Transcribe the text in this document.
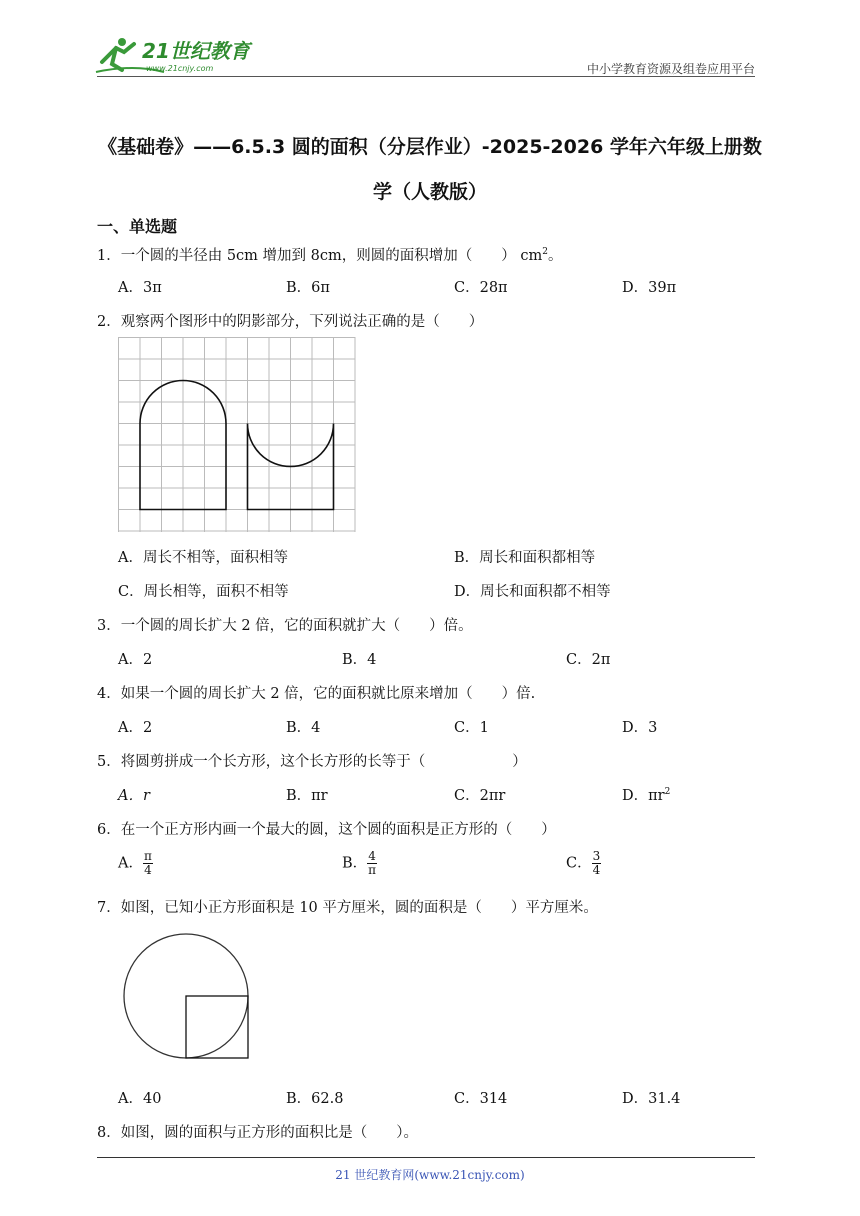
21世纪教育
www.21cnjy.com	中小学教育资源及组卷应用平台
《基础卷》——6.5.3 圆的面积（分层作业）-2025-2026 学年六年级上册数
学（人教版）
一、单选题
1．一个圆的半径由 5cm 增加到 8cm，则圆的面积增加（　　） $cm^2$。
A．3π	B．6π	C．28π	D．39π
2．观察两个图形中的阴影部分，下列说法正确的是（　　）
A．周长不相等，面积相等	B．周长和面积都相等
C．周长相等，面积不相等	D．周长和面积都不相等
3．一个圆的周长扩大 2 倍，它的面积就扩大（　　）倍。
A．2	B．4	C．2π
4．如果一个圆的周长扩大 2 倍，它的面积就比原来增加（　　）倍.
A．2	B．4	C．1	D．3
5．将圆剪拼成一个长方形，这个长方形的长等于（　　　　　　）
A．r	B．πr	C．2πr	D．$\pi r^2$
6．在一个正方形内画一个最大的圆，这个圆的面积是正方形的（　　）
A． $\frac{\pi}{4}$	B． $\frac{4}{\pi}$	C． $\frac{3}{4}$
7．如图，已知小正方形面积是 10 平方厘米，圆的面积是（　　）平方厘米。
A．40	B．62.8	C．314	D．31.4
8．如图，圆的面积与正方形的面积比是（　　）。
21 世纪教育网(www.21cnjy.com)
